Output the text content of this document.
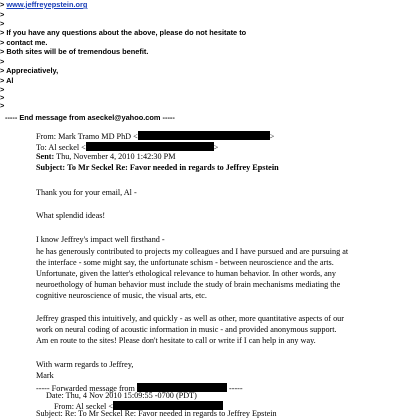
> www.jeffreyepstein.org
>
>
> If you have any questions about the above, please do not hesitate to
> contact me.
> Both sites will be of tremendous benefit.
>
> Appreciatively,
> Al
>
>
>
----- End message from aseckel@yahoo.com -----
From: Mark Tramo MD PhD <	>
To: Al seckel <	>
Sent: Thu, November 4, 2010 1:42:30 PM
Subject: To Mr Seckel Re: Favor needed in regards to Jeffrey Epstein
Thank you for your email, Al -
What splendid ideas!
I know Jeffrey's impact well firsthand -
he has generously contributed to projects my colleagues and I have pursued and are pursuing at
the interface - some might say, the unfortunate schism - between neuroscience and the arts.
Unfortunate, given the latter's ethological relevance to human behavior. In other words, any
neuroethology of human behavior must include the study of brain mechanisms mediating the
cognitive neuroscience of music, the visual arts, etc.
Jeffrey grasped this intuitively, and quickly - as well as other, more quantitative aspects of our
work on neural coding of acoustic information in music - and provided anonymous support.
Am en route to the sites! Please don't hesitate to call or write if I can help in any way.
With warm regards to Jeffrey,
Mark
----- Forwarded message from	-----
Date: Thu, 4 Nov 2010 15:09:55 -0700 (PDT)
From: Al seckel <
Subject: Re: To Mr Seckel Re: Favor needed in regards to Jeffrey Epstein
